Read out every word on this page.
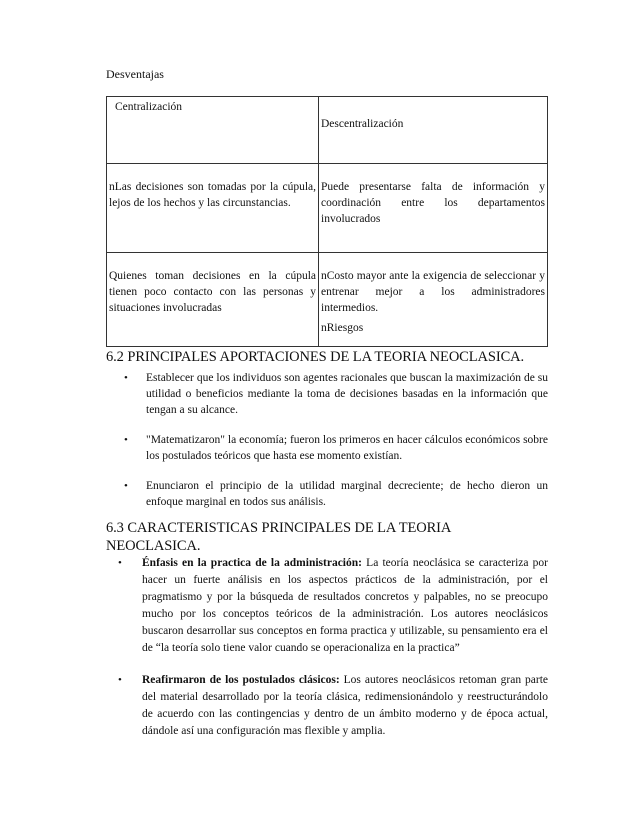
Desventajas
Centralización	Descentralización

nLas decisiones son tomadas por la cúpula, lejos de los hechos y las circunstancias.	Puede presentarse falta de información y coordinación entre los departamentos involucrados

Quienes toman decisiones en la cúpula tienen poco contacto con las personas y situaciones involucradas	nCosto mayor ante la exigencia de seleccionar y entrenar mejor a los administradores intermedios.
nRiesgos
6.2 PRINCIPALES APORTACIONES DE LA TEORIA NEOCLASICA.
• Establecer que los individuos son agentes racionales que buscan la maximización de su utilidad o beneficios mediante la toma de decisiones basadas en la información que tengan a su alcance.

• "Matematizaron" la economía; fueron los primeros en hacer cálculos económicos sobre los postulados teóricos que hasta ese momento existían.

• Enunciaron el principio de la utilidad marginal decreciente; de hecho dieron un enfoque marginal en todos sus análisis.

6.3 CARACTERISTICAS PRINCIPALES DE LA TEORIA
NEOCLASICA.
• Énfasis en la practica de la administración: La teoría neoclásica se caracteriza por hacer un fuerte análisis en los aspectos prácticos de la administración, por el pragmatismo y por la búsqueda de resultados concretos y palpables, no se preocupo mucho por los conceptos teóricos de la administración. Los autores neoclásicos buscaron desarrollar sus conceptos en forma practica y utilizable, su pensamiento era el de “la teoría solo tiene valor cuando se operacionaliza en la practica”

• Reafirmaron de los postulados clásicos: Los autores neoclásicos retoman gran parte del material desarrollado por la teoría clásica, redimensionándolo y reestructurándolo de acuerdo con las contingencias y dentro de un ámbito moderno y de época actual, dándole así una configuración mas flexible y amplia.
